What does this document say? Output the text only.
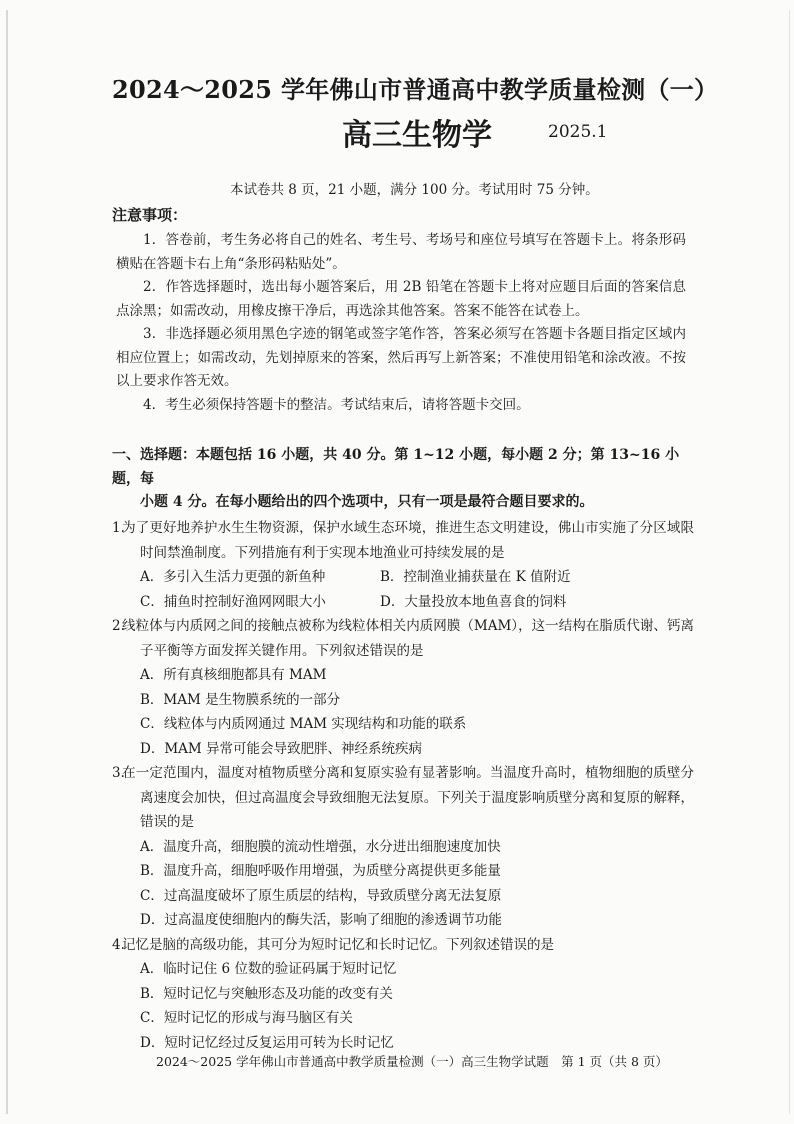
2024～2025 学年佛山市普通高中教学质量检测（一）
高三生物学	2025.1
本试卷共 8 页，21 小题，满分 100 分。考试用时 75 分钟。
注意事项：

1．答卷前，考生务必将自己的姓名、考生号、考场号和座位号填写在答题卡上。将条形码横贴在答题卡右上角“条形码粘贴处”。

2．作答选择题时，选出每小题答案后，用 2B 铅笔在答题卡上将对应题目后面的答案信息点涂黑；如需改动，用橡皮擦干净后，再选涂其他答案。答案不能答在试卷上。

3．非选择题必须用黑色字迹的钢笔或签字笔作答，答案必须写在答题卡各题目指定区域内相应位置上；如需改动，先划掉原来的答案，然后再写上新答案；不准使用铅笔和涂改液。不按以上要求作答无效。

4．考生必须保持答题卡的整洁。考试结束后，请将答题卡交回。

一、选择题：本题包括 16 小题，共 40 分。第 1~12 小题，每小题 2 分；第 13~16 小题，每
小题 4 分。在每小题给出的四个选项中，只有一项是最符合题目要求的。

1.为了更好地养护水生生物资源，保护水域生态环境，推进生态文明建设，佛山市实施了分区域限时间禁渔制度。下列措施有利于实现本地渔业可持续发展的是

A．多引入生活力更强的新鱼种	B．控制渔业捕获量在 K 值附近

C．捕鱼时控制好渔网网眼大小	D．大量投放本地鱼喜食的饲料

2.线粒体与内质网之间的接触点被称为线粒体相关内质网膜（MAM），这一结构在脂质代谢、钙离子平衡等方面发挥关键作用。下列叙述错误的是

A．所有真核细胞都具有 MAM

B．MAM 是生物膜系统的一部分

C．线粒体与内质网通过 MAM 实现结构和功能的联系

D．MAM 异常可能会导致肥胖、神经系统疾病

3.在一定范围内，温度对植物质壁分离和复原实验有显著影响。当温度升高时，植物细胞的质壁分离速度会加快，但过高温度会导致细胞无法复原。下列关于温度影响质壁分离和复原的解释，错误的是

A．温度升高，细胞膜的流动性增强，水分进出细胞速度加快

B．温度升高，细胞呼吸作用增强，为质壁分离提供更多能量

C．过高温度破坏了原生质层的结构，导致质壁分离无法复原

D．过高温度使细胞内的酶失活，影响了细胞的渗透调节功能

4.记忆是脑的高级功能，其可分为短时记忆和长时记忆。下列叙述错误的是

A．临时记住 6 位数的验证码属于短时记忆

B．短时记忆与突触形态及功能的改变有关

C．短时记忆的形成与海马脑区有关

D．短时记忆经过反复运用可转为长时记忆

2024～2025 学年佛山市普通高中教学质量检测（一）高三生物学试题　第 1 页（共 8 页）
